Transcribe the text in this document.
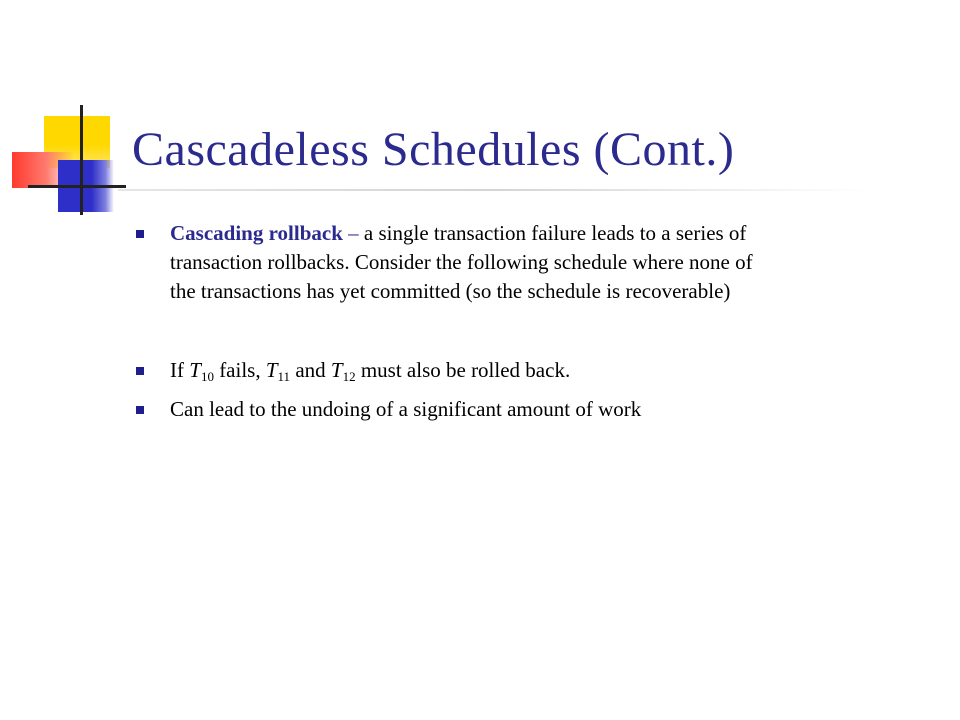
Cascadeless Schedules (Cont.)
Cascading rollback – a single transaction failure leads to a series of
transaction rollbacks. Consider the following schedule where none of
the transactions has yet committed (so the schedule is recoverable)
If $T_{10}$ fails, $T_{11}$ and $T_{12}$ must also be rolled back.
Can lead to the undoing of a significant amount of work
